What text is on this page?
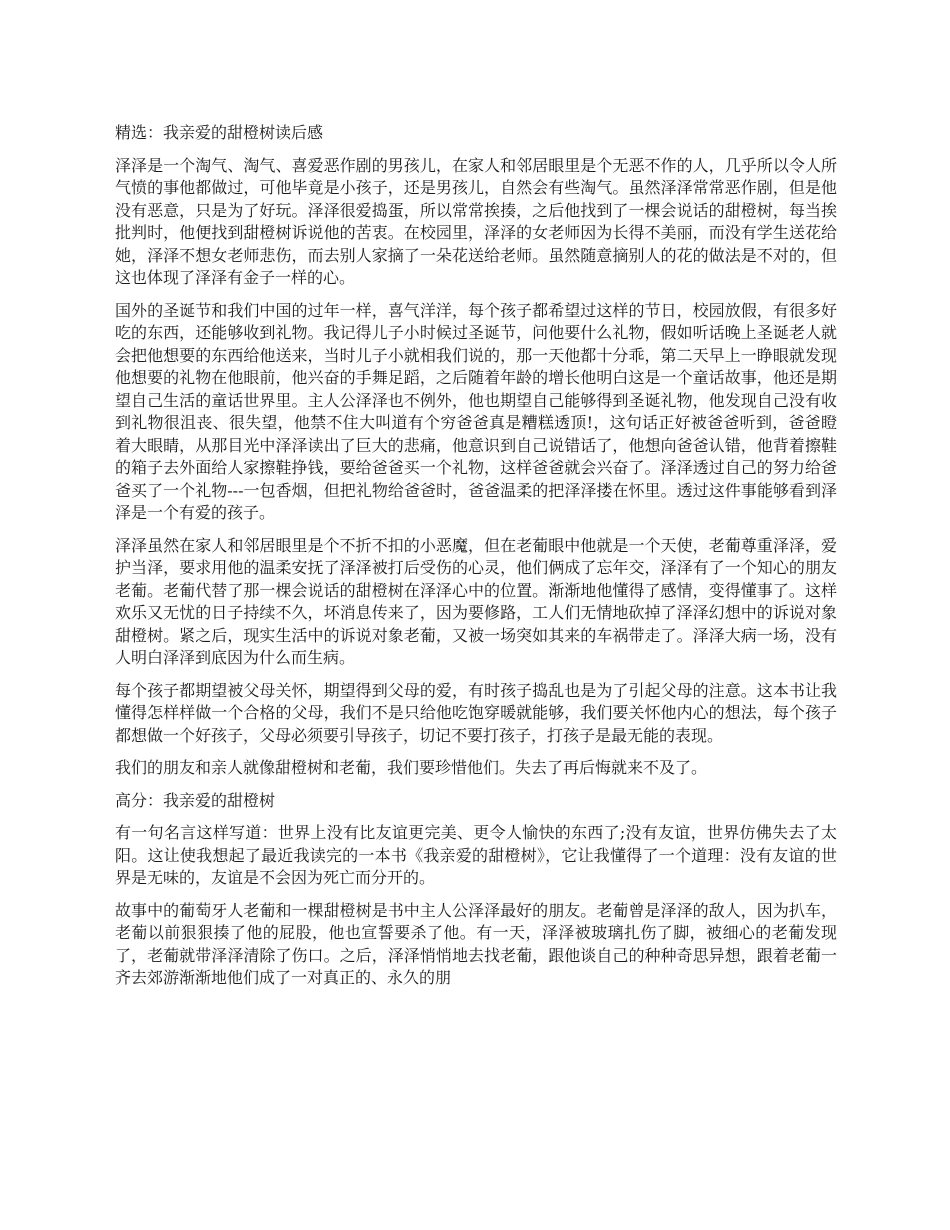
精选：我亲爱的甜橙树读后感

泽泽是一个淘气、淘气、喜爱恶作剧的男孩儿，在家人和邻居眼里是个无恶不作的人，几乎所以令人所气愤的事他都做过，可他毕竟是小孩子，还是男孩儿，自然会有些淘气。虽然泽泽常常恶作剧，但是他没有恶意，只是为了好玩。泽泽很爱捣蛋，所以常常挨揍，之后他找到了一棵会说话的甜橙树，每当挨批判时，他便找到甜橙树诉说他的苦衷。在校园里，泽泽的女老师因为长得不美丽，而没有学生送花给她，泽泽不想女老师悲伤，而去别人家摘了一朵花送给老师。虽然随意摘别人的花的做法是不对的，但这也体现了泽泽有金子一样的心。

国外的圣诞节和我们中国的过年一样，喜气洋洋，每个孩子都希望过这样的节日，校园放假，有很多好吃的东西，还能够收到礼物。我记得儿子小时候过圣诞节，问他要什么礼物，假如听话晚上圣诞老人就会把他想要的东西给他送来，当时儿子小就相我们说的，那一天他都十分乖，第二天早上一睁眼就发现他想要的礼物在他眼前，他兴奋的手舞足蹈，之后随着年龄的增长他明白这是一个童话故事，他还是期望自己生活的童话世界里。主人公泽泽也不例外，他也期望自己能够得到圣诞礼物，他发现自己没有收到礼物很沮丧、很失望，他禁不住大叫道有个穷爸爸真是糟糕透顶!，这句话正好被爸爸听到，爸爸瞪着大眼睛，从那目光中泽泽读出了巨大的悲痛，他意识到自己说错话了，他想向爸爸认错，他背着擦鞋的箱子去外面给人家擦鞋挣钱，要给爸爸买一个礼物，这样爸爸就会兴奋了。泽泽透过自己的努力给爸爸买了一个礼物---一包香烟，但把礼物给爸爸时，爸爸温柔的把泽泽搂在怀里。透过这件事能够看到泽泽是一个有爱的孩子。

泽泽虽然在家人和邻居眼里是个不折不扣的小恶魔，但在老葡眼中他就是一个天使，老葡尊重泽泽，爱护当泽，要求用他的温柔安抚了泽泽被打后受伤的心灵，他们俩成了忘年交，泽泽有了一个知心的朋友老葡。老葡代替了那一棵会说话的甜橙树在泽泽心中的位置。渐渐地他懂得了感情，变得懂事了。这样欢乐又无忧的日子持续不久，坏消息传来了，因为要修路，工人们无情地砍掉了泽泽幻想中的诉说对象甜橙树。紧之后，现实生活中的诉说对象老葡，又被一场突如其来的车祸带走了。泽泽大病一场，没有人明白泽泽到底因为什么而生病。

每个孩子都期望被父母关怀，期望得到父母的爱，有时孩子捣乱也是为了引起父母的注意。这本书让我懂得怎样样做一个合格的父母，我们不是只给他吃饱穿暖就能够，我们要关怀他内心的想法，每个孩子都想做一个好孩子，父母必须要引导孩子，切记不要打孩子，打孩子是最无能的表现。

我们的朋友和亲人就像甜橙树和老葡，我们要珍惜他们。失去了再后悔就来不及了。

高分：我亲爱的甜橙树

有一句名言这样写道：世界上没有比友谊更完美、更令人愉快的东西了;没有友谊，世界仿佛失去了太阳。这让使我想起了最近我读完的一本书《我亲爱的甜橙树》，它让我懂得了一个道理：没有友谊的世界是无味的，友谊是不会因为死亡而分开的。

故事中的葡萄牙人老葡和一棵甜橙树是书中主人公泽泽最好的朋友。老葡曾是泽泽的敌人，因为扒车，老葡以前狠狠揍了他的屁股，他也宣誓要杀了他。有一天，泽泽被玻璃扎伤了脚，被细心的老葡发现了，老葡就带泽泽清除了伤口。之后，泽泽悄悄地去找老葡，跟他谈自己的种种奇思异想，跟着老葡一齐去郊游渐渐地他们成了一对真正的、永久的朋
